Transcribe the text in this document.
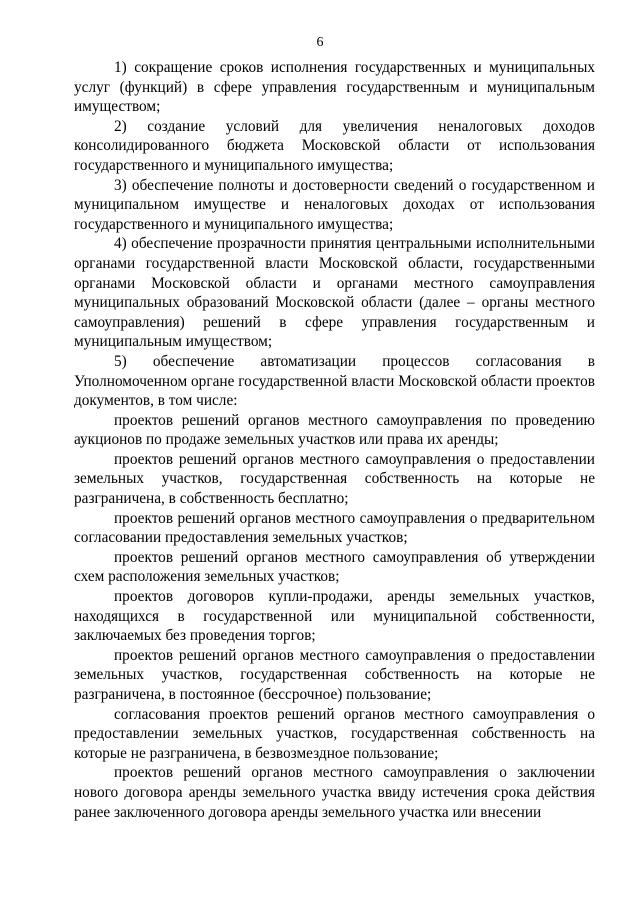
6

1) сокращение сроков исполнения государственных и муниципальных услуг (функций) в сфере управления государственным и муниципальным имуществом;

2) создание условий для увеличения неналоговых доходов консолидированного бюджета Московской области от использования государственного и муниципального имущества;

3) обеспечение полноты и достоверности сведений о государственном и муниципальном имуществе и неналоговых доходах от использования государственного и муниципального имущества;

4) обеспечение прозрачности принятия центральными исполнительными органами государственной власти Московской области, государственными органами Московской области и органами местного самоуправления муниципальных образований Московской области (далее – органы местного самоуправления) решений в сфере управления государственным и муниципальным имуществом;

5) обеспечение автоматизации процессов согласования в Уполномоченном органе государственной власти Московской области проектов документов, в том числе:

проектов решений органов местного самоуправления по проведению аукционов по продаже земельных участков или права их аренды;

проектов решений органов местного самоуправления о предоставлении земельных участков, государственная собственность на которые не разграничена, в собственность бесплатно;

проектов решений органов местного самоуправления о предварительном согласовании предоставления земельных участков;

проектов решений органов местного самоуправления об утверждении схем расположения земельных участков;

проектов договоров купли-продажи, аренды земельных участков, находящихся в государственной или муниципальной собственности, заключаемых без проведения торгов;

проектов решений органов местного самоуправления о предоставлении земельных участков, государственная собственность на которые не разграничена, в постоянное (бессрочное) пользование;

согласования проектов решений органов местного самоуправления о предоставлении земельных участков, государственная собственность на которые не разграничена, в безвозмездное пользование;

проектов решений органов местного самоуправления о заключении нового договора аренды земельного участка ввиду истечения срока действия ранее заключенного договора аренды земельного участка или внесении
